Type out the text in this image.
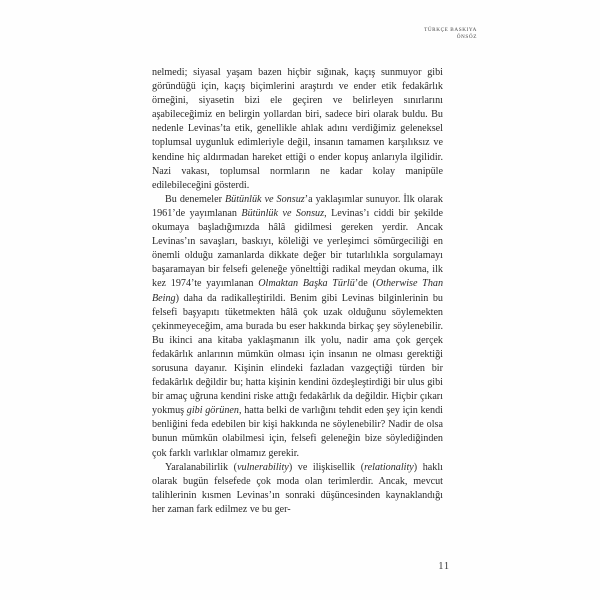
TÜRKÇE BASKIYA
ÖNSÖZ

nelmedi; siyasal yaşam bazen hiçbir sığınak, kaçış sunmuyor gibi göründüğü için, kaçış biçimlerini araştırdı ve ender etik fedakârlık örneğini, siyasetin bizi ele geçiren ve belirleyen sınırlarını aşabileceğimiz en belirgin yollardan biri, sadece biri olarak buldu. Bu nedenle Levinas’ta etik, genellikle ahlak adını verdiğimiz geleneksel toplumsal uygunluk edimleriyle değil, insanın tamamen karşılıksız ve kendine hiç aldırmadan hareket ettiği o ender kopuş anlarıyla ilgilidir. Nazi vakası, toplumsal normların ne kadar kolay manipüle edilebileceğini gösterdi.

Bu denemeler Bütünlük ve Sonsuz’a yaklaşımlar sunuyor. İlk olarak 1961’de yayımlanan Bütünlük ve Sonsuz, Levinas’ı ciddi bir şekilde okumaya başladığımızda hâlâ gidilmesi gereken yerdir. Ancak Levinas’ın savaşları, baskıyı, köleliği ve yerleşimci sömürgeciliği en önemli olduğu zamanlarda dikkate değer bir tutarlılıkla sorgulamayı başaramayan bir felsefi geleneğe yöneltti̇ği radikal meydan okuma, ilk kez 1974’te yayımlanan Olmaktan Başka Türlü’de (Otherwise Than Being) daha da radikalleştirildi. Benim gibi Levinas bilginlerinin bu felsefi başyapıtı tüketmekten hâlâ çok uzak olduğunu söylemekten çekinmeyeceğim, ama burada bu eser hakkında birkaç şey söylenebilir. Bu ikinci ana kitaba yaklaşmanın ilk yolu, nadir ama çok gerçek fedakârlık anlarının mümkün olması için insanın ne olması gerektiği sorusuna dayanır. Kişinin elindeki fazladan vazgeçtiği türden bir fedakârlık değildir bu; hatta kişinin kendini özdeşleştirdiği bir ulus gibi bir amaç uğruna kendini riske attığı fedakârlık da değildir. Hiçbir çıkarı yokmuş gibi görünen, hatta belki de varlığını tehdit eden şey için kendi benliğini feda edebilen bir kişi hakkında ne söylenebilir? Nadir de olsa bunun mümkün olabilmesi için, felsefi geleneğin bize söylediğinden çok farklı varlıklar olmamız gerekir.

Yaralanabilirlik (vulnerability) ve ilişkisellik (relationality) haklı olarak bugün felsefede çok moda olan terimlerdir. Ancak, mevcut talihlerinin kısmen Levinas’ın sonraki düşüncesinden kaynaklandığı her zaman fark edilmez ve bu ger-

11
